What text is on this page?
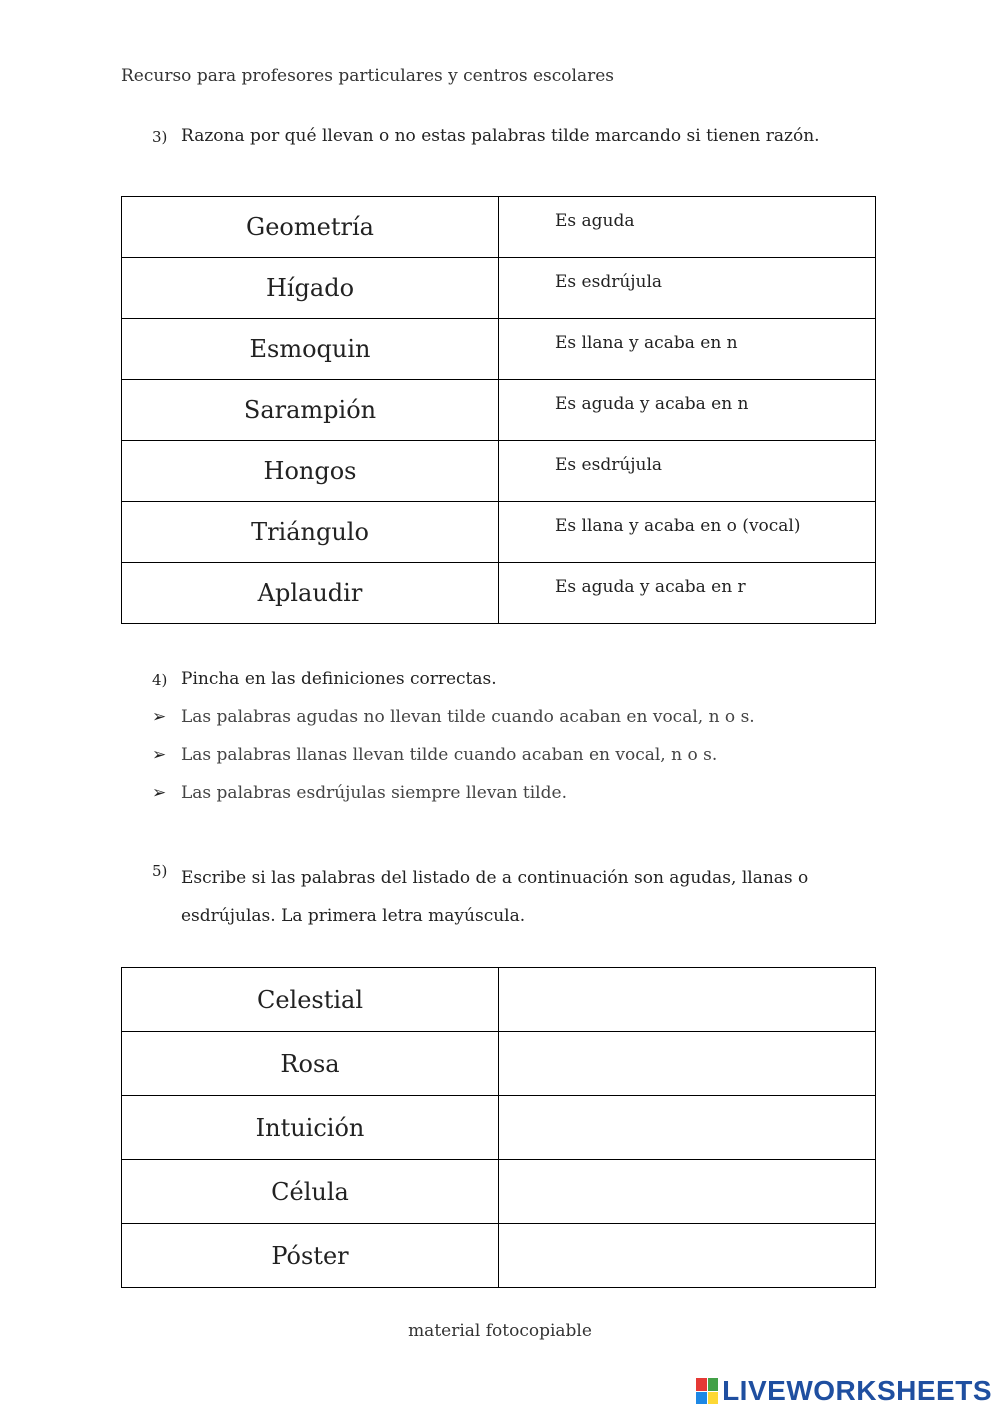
Recurso para profesores particulares y centros escolares
3) Razona por qué llevan o no estas palabras tilde marcando si tienen razón.
Geometría	Es aguda

Hígado	Es esdrújula

Esmoquin	Es llana y acaba en n

Sarampión	Es aguda y acaba en n

Hongos	Es esdrújula

Triángulo	Es llana y acaba en o (vocal)

Aplaudir	Es aguda y acaba en r
4) Pincha en las definiciones correctas.
➢ Las palabras agudas no llevan tilde cuando acaban en vocal, n o s.
➢ Las palabras llanas llevan tilde cuando acaban en vocal, n o s.
➢ Las palabras esdrújulas siempre llevan tilde.
5) Escribe si las palabras del listado de a continuación son agudas, llanas o esdrújulas. La primera letra mayúscula.
Celestial	
Rosa	
Intuición	
Célula	
Póster	
material fotocopiable
LIVEWORKSHEETS
